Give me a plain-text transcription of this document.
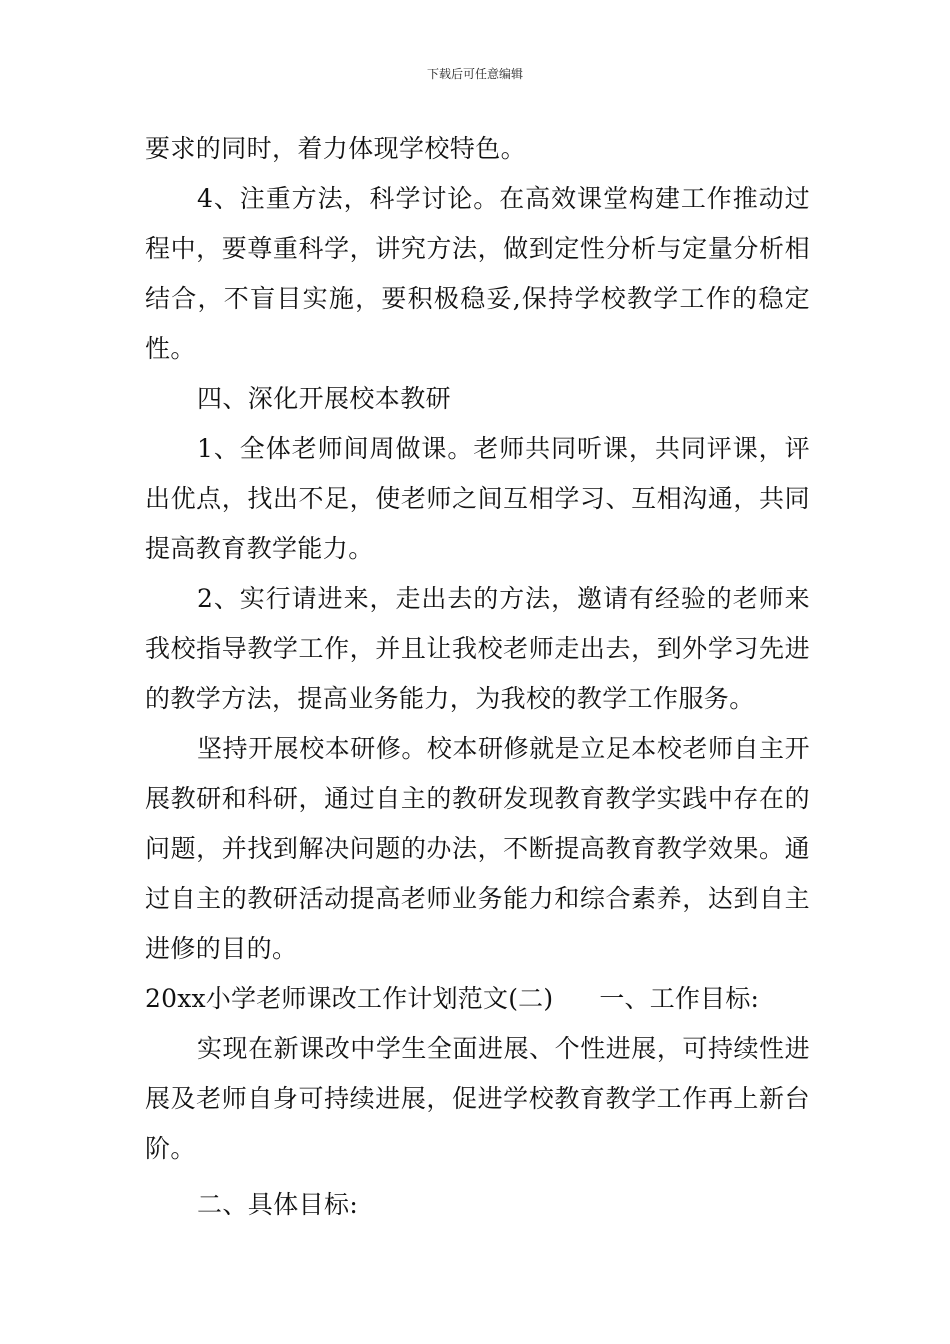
下载后可任意编辑

要求的同时，着力体现学校特色。

4、注重方法，科学讨论。在高效课堂构建工作推动过程中，要尊重科学，讲究方法，做到定性分析与定量分析相结合，不盲目实施，要积极稳妥,保持学校教学工作的稳定性。

四、深化开展校本教研

1、全体老师间周做课。老师共同听课，共同评课，评出优点，找出不足，使老师之间互相学习、互相沟通，共同提高教育教学能力。

2、实行请进来，走出去的方法，邀请有经验的老师来我校指导教学工作，并且让我校老师走出去，到外学习先进的教学方法，提高业务能力，为我校的教学工作服务。

坚持开展校本研修。校本研修就是立足本校老师自主开展教研和科研，通过自主的教研发现教育教学实践中存在的问题，并找到解决问题的办法，不断提高教育教学效果。通过自主的教研活动提高老师业务能力和综合素养，达到自主进修的目的。

20xx小学老师课改工作计划范文(二) 一、工作目标:

实现在新课改中学生全面进展、个性进展，可持续性进展及老师自身可持续进展，促进学校教育教学工作再上新台阶。

二、具体目标:
